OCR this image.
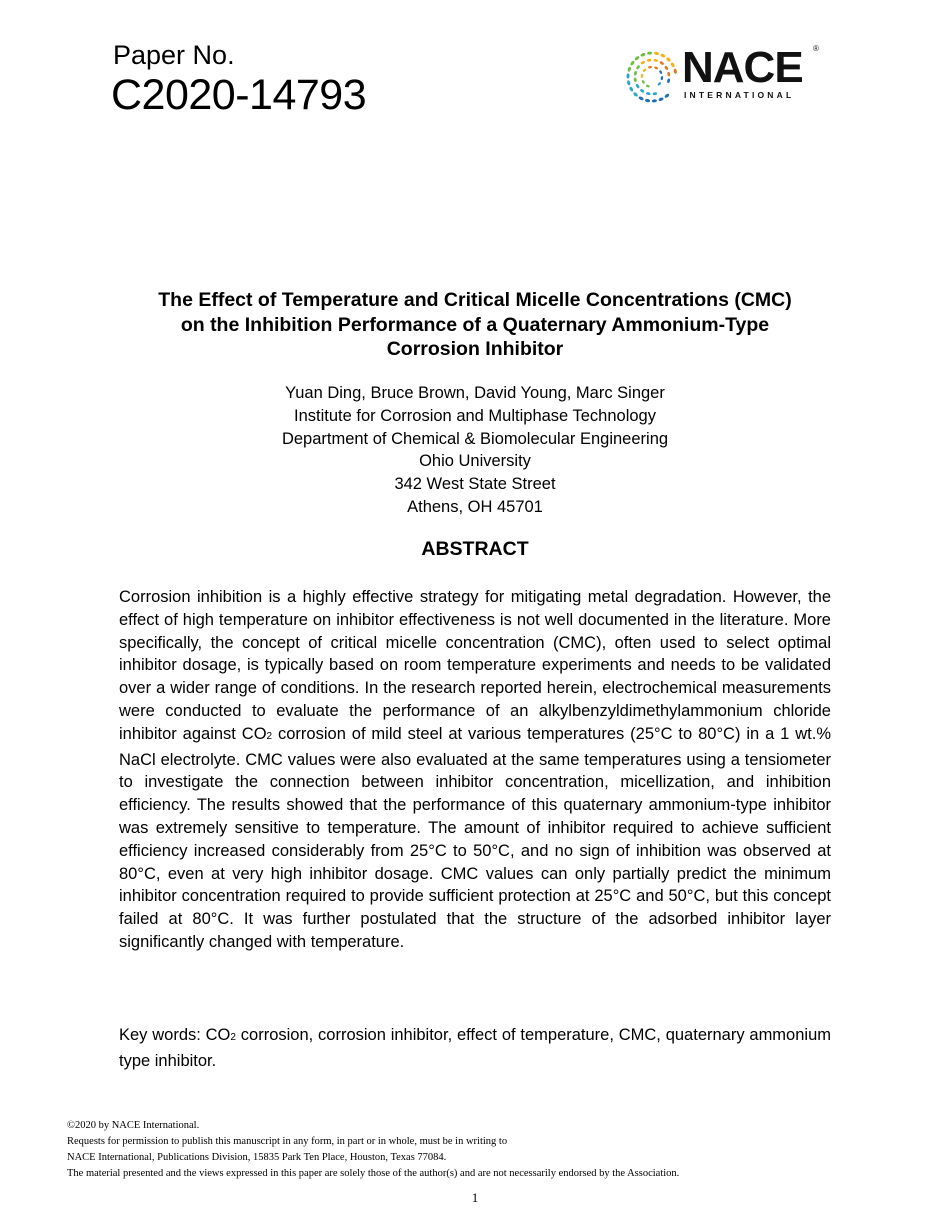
Paper No.
C2020-14793
NACE ®
INTERNATIONAL
The Effect of Temperature and Critical Micelle Concentrations (CMC)
on the Inhibition Performance of a Quaternary Ammonium-Type
Corrosion Inhibitor
Yuan Ding, Bruce Brown, David Young, Marc Singer
Institute for Corrosion and Multiphase Technology
Department of Chemical & Biomolecular Engineering
Ohio University
342 West State Street
Athens, OH 45701
ABSTRACT
Corrosion inhibition is a highly effective strategy for mitigating metal degradation. However, the effect of high temperature on inhibitor effectiveness is not well documented in the literature. More specifically, the concept of critical micelle concentration (CMC), often used to select optimal inhibitor dosage, is typically based on room temperature experiments and needs to be validated over a wider range of conditions. In the research reported herein, electrochemical measurements were conducted to evaluate the performance of an alkylbenzyldimethylammonium chloride inhibitor against CO2 corrosion of mild steel at various temperatures (25°C to 80°C) in a 1 wt.% NaCl electrolyte. CMC values were also evaluated at the same temperatures using a tensiometer to investigate the connection between inhibitor concentration, micellization, and inhibition efficiency. The results showed that the performance of this quaternary ammonium-type inhibitor was extremely sensitive to temperature. The amount of inhibitor required to achieve sufficient efficiency increased considerably from 25°C to 50°C, and no sign of inhibition was observed at 80°C, even at very high inhibitor dosage. CMC values can only partially predict the minimum inhibitor concentration required to provide sufficient protection at 25°C and 50°C, but this concept failed at 80°C. It was further postulated that the structure of the adsorbed inhibitor layer significantly changed with temperature.
Key words: CO2 corrosion, corrosion inhibitor, effect of temperature, CMC, quaternary ammonium type inhibitor.
©2020 by NACE International.
Requests for permission to publish this manuscript in any form, in part or in whole, must be in writing to
NACE International, Publications Division, 15835 Park Ten Place, Houston, Texas 77084.
The material presented and the views expressed in this paper are solely those of the author(s) and are not necessarily endorsed by the Association.
1
